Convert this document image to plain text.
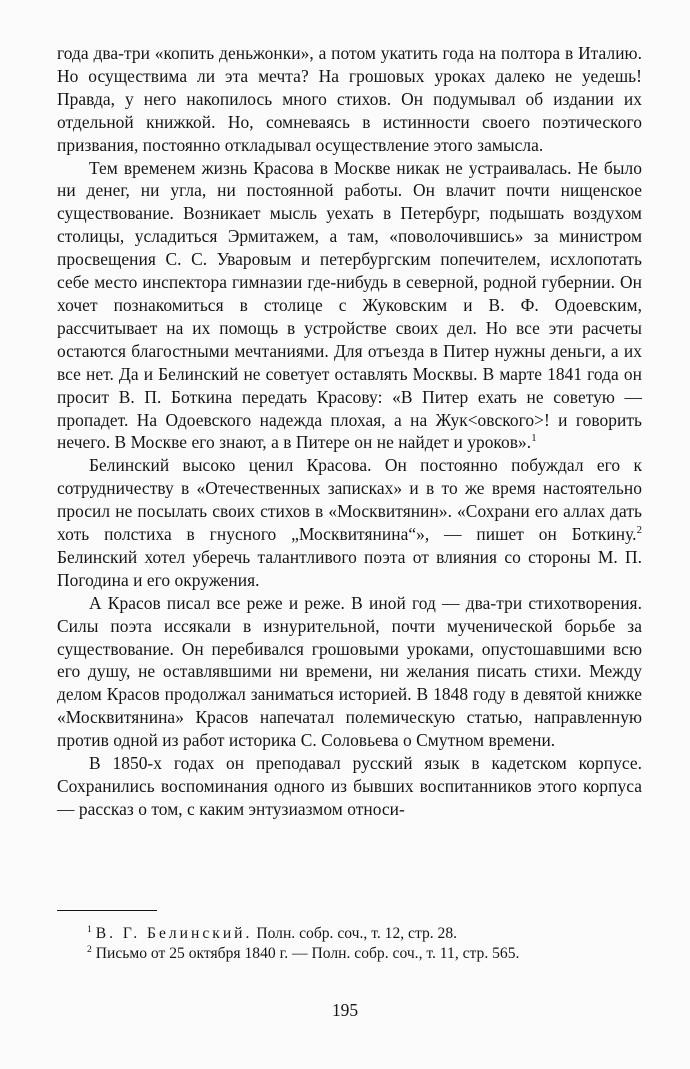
года два-три «копить деньжонки», а потом укатить года на полтора в Италию. Но осуществима ли эта мечта? На грошовых уроках далеко не уедешь! Правда, у него накопилось много стихов. Он подумывал об издании их отдельной книжкой. Но, сомневаясь в истинности своего поэтического призвания, постоянно откладывал осуществление этого замысла.

Тем временем жизнь Красова в Москве никак не устраивалась. Не было ни денег, ни угла, ни постоянной работы. Он влачит почти нищенское существование. Возникает мысль уехать в Петербург, подышать воздухом столицы, усладиться Эрмитажем, а там, «поволочившись» за министром просвещения С. С. Уваровым и петербургским попечителем, исхлопотать себе место инспектора гимназии где-нибудь в северной, родной губернии. Он хочет познакомиться в столице с Жуковским и В. Ф. Одоевским, рассчитывает на их помощь в устройстве своих дел. Но все эти расчеты остаются благостными мечтаниями. Для отъезда в Питер нужны деньги, а их все нет. Да и Белинский не советует оставлять Москвы. В марте 1841 года он просит В. П. Боткина передать Красову: «В Питер ехать не советую — пропадет. На Одоевского надежда плохая, а на Жук<овского>! и говорить нечего. В Москве его знают, а в Питере он не найдет и уроков».$^1$

Белинский высоко ценил Красова. Он постоянно побуждал его к сотрудничеству в «Отечественных записках» и в то же время настоятельно просил не посылать своих стихов в «Москвитянин». «Сохрани его аллах дать хоть полстиха в гнусного „Москвитянина“», — пишет он Боткину.$^2$ Белинский хотел уберечь талантливого поэта от влияния со стороны М. П. Погодина и его окружения.

А Красов писал все реже и реже. В иной год — два-три стихотворения. Силы поэта иссякали в изнурительной, почти мученической борьбе за существование. Он перебивался грошовыми уроками, опустошавшими всю его душу, не оставлявшими ни времени, ни желания писать стихи. Между делом Красов продолжал заниматься историей. В 1848 году в девятой книжке «Москвитянина» Красов напечатал полемическую статью, направленную против одной из работ историка С. Соловьева о Смутном времени.

В 1850-х годах он преподавал русский язык в кадетском корпусе. Сохранились воспоминания одного из бывших воспитанников этого корпуса — рассказ о том, с каким энтузиазмом относи-

$^1$ В. Г. Белинский. Полн. собр. соч., т. 12, стр. 28.

$^2$ Письмо от 25 октября 1840 г. — Полн. собр. соч., т. 11, стр. 565.

195
